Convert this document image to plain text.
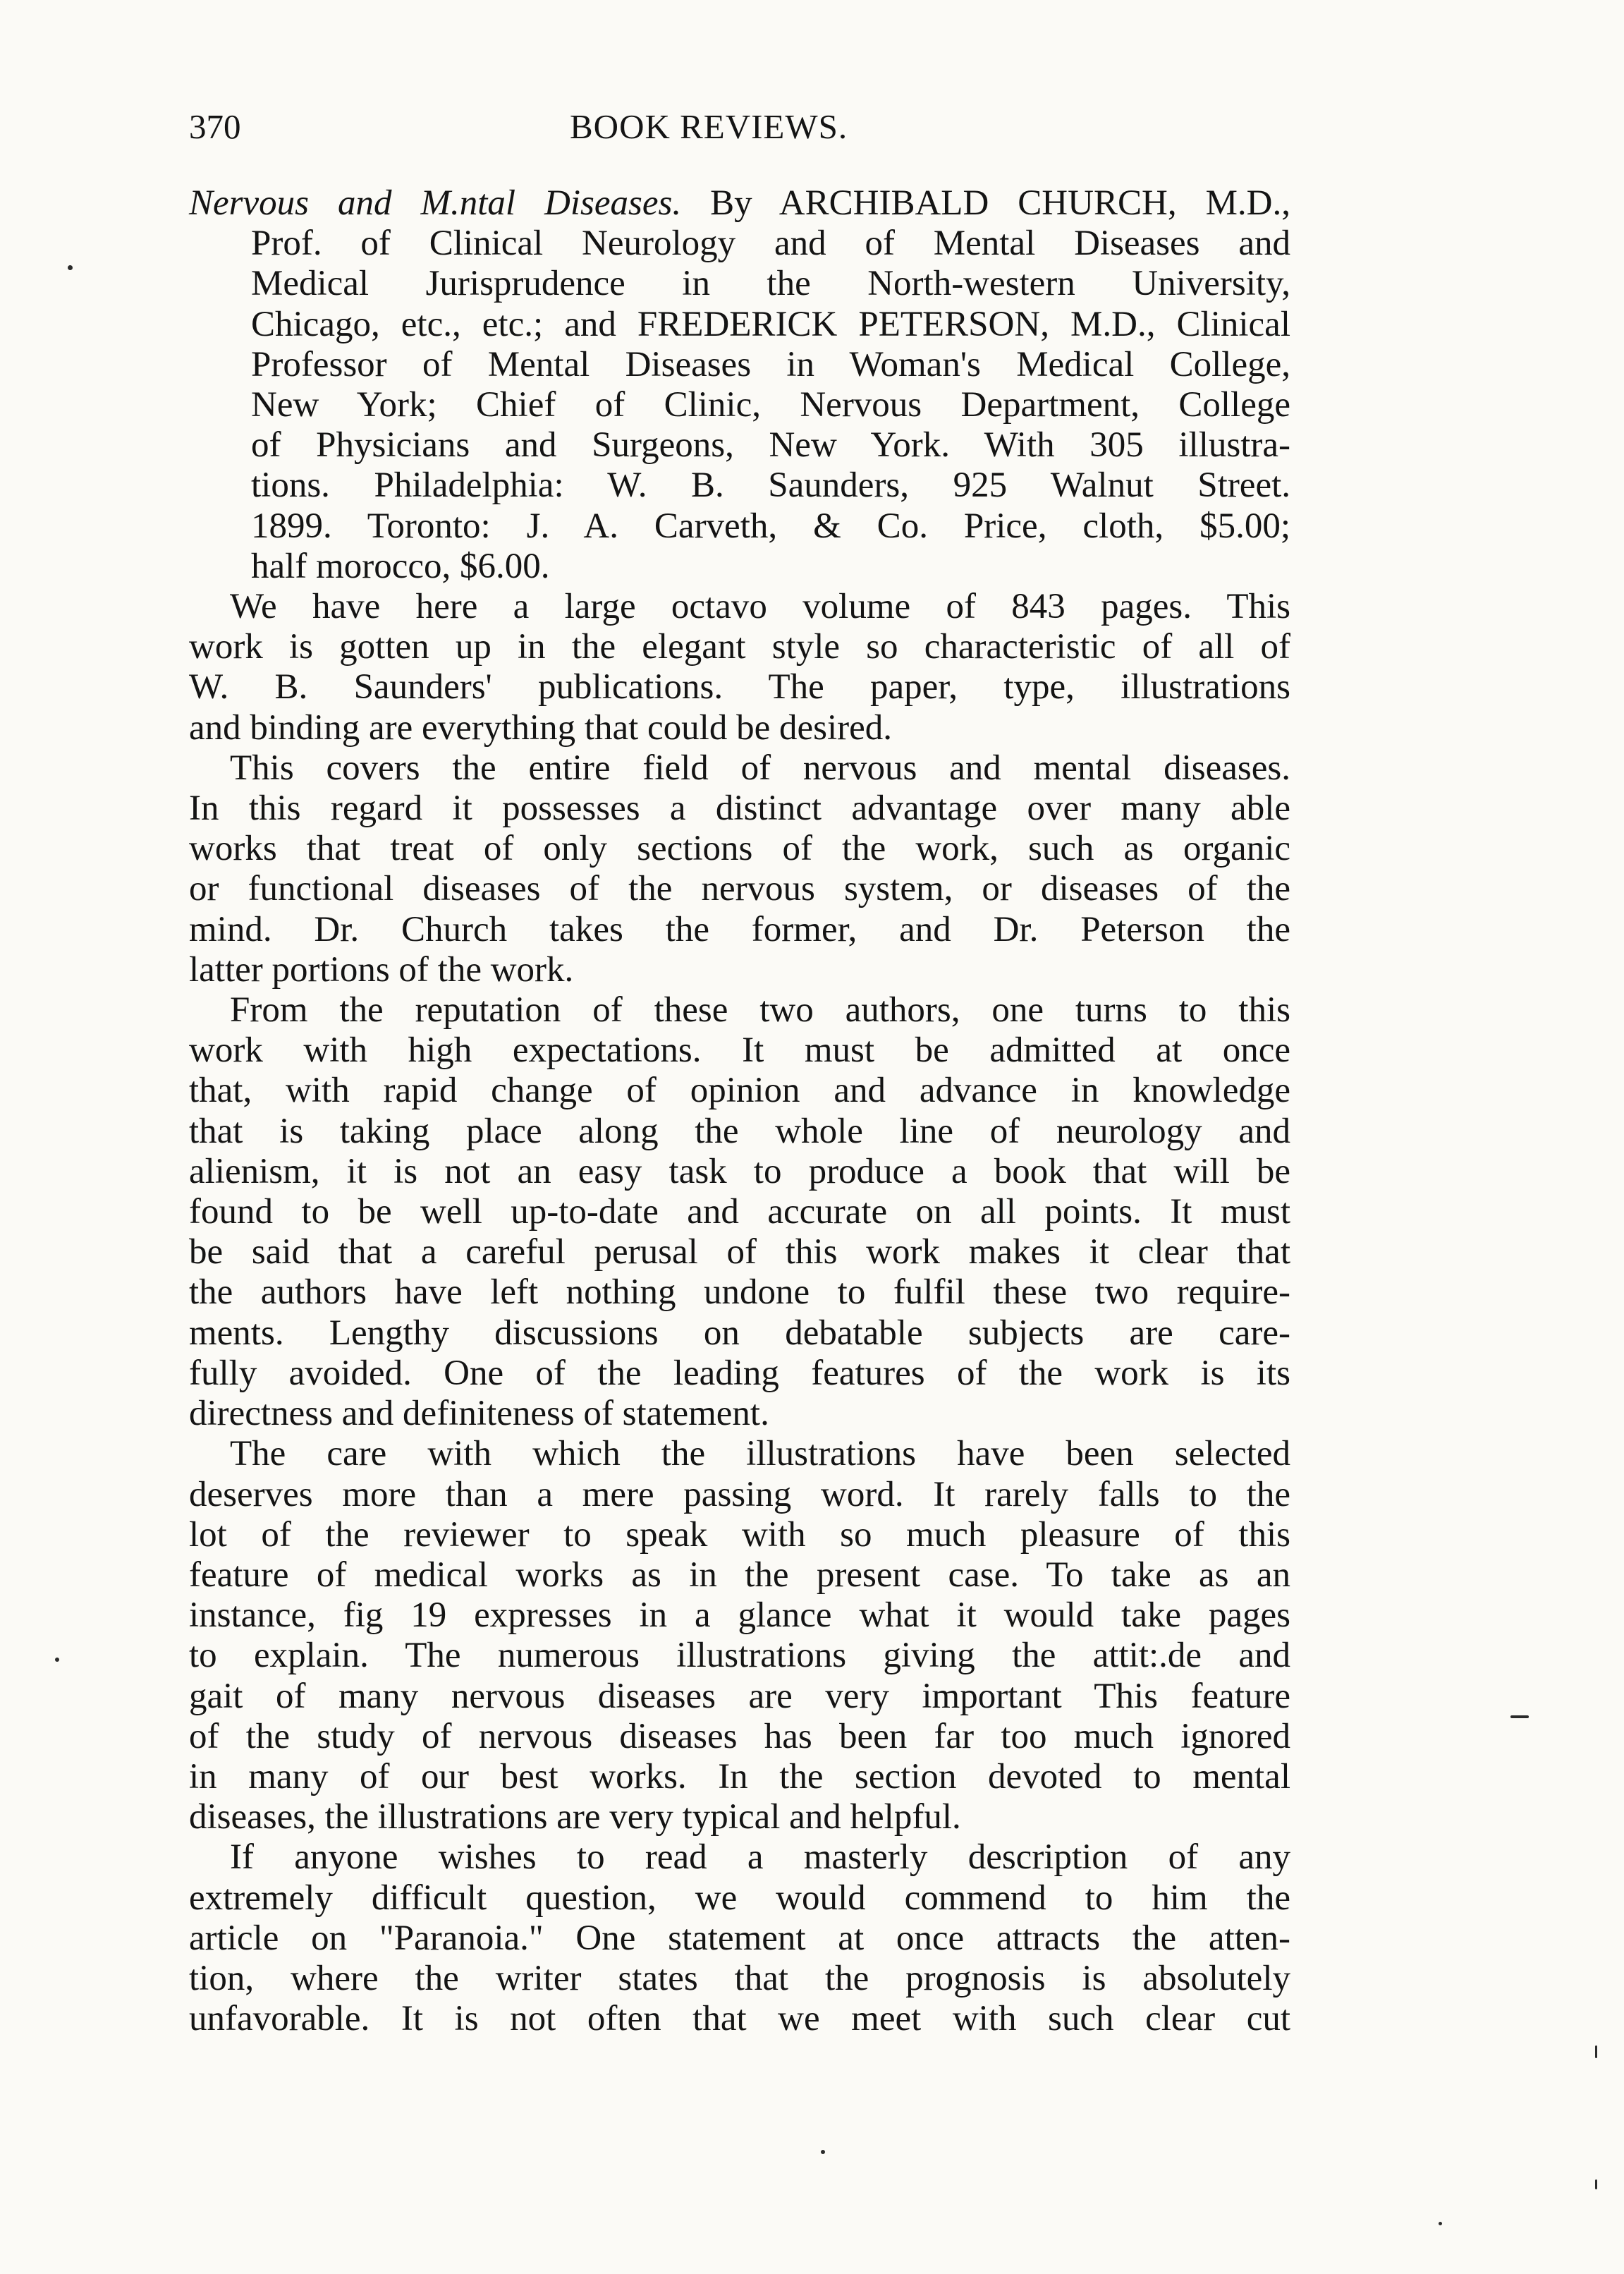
370	BOOK REVIEWS.
Nervous and M.ntal Diseases. By ARCHIBALD CHURCH, M.D.,
Prof. of Clinical Neurology and of Mental Diseases and
Medical Jurisprudence in the North-western University,
Chicago, etc., etc.; and FREDERICK PETERSON, M.D., Clinical
Professor of Mental Diseases in Woman's Medical College,
New York; Chief of Clinic, Nervous Department, College
of Physicians and Surgeons, New York. With 305 illustra-
tions. Philadelphia: W. B. Saunders, 925 Walnut Street.
1899. Toronto: J. A. Carveth, & Co. Price, cloth, $5.00;
half morocco, $6.00.

We have here a large octavo volume of 843 pages. This
work is gotten up in the elegant style so characteristic of all of
W. B. Saunders' publications. The paper, type, illustrations
and binding are everything that could be desired.

This covers the entire field of nervous and mental diseases.
In this regard it possesses a distinct advantage over many able
works that treat of only sections of the work, such as organic
or functional diseases of the nervous system, or diseases of the
mind. Dr. Church takes the former, and Dr. Peterson the
latter portions of the work.

From the reputation of these two authors, one turns to this
work with high expectations. It must be admitted at once
that, with rapid change of opinion and advance in knowledge
that is taking place along the whole line of neurology and
alienism, it is not an easy task to produce a book that will be
found to be well up-to-date and accurate on all points. It must
be said that a careful perusal of this work makes it clear that
the authors have left nothing undone to fulfil these two require-
ments. Lengthy discussions on debatable subjects are care-
fully avoided. One of the leading features of the work is its
directness and definiteness of statement.

The care with which the illustrations have been selected
deserves more than a mere passing word. It rarely falls to the
lot of the reviewer to speak with so much pleasure of this
feature of medical works as in the present case. To take as an
instance, fig 19 expresses in a glance what it would take pages
to explain. The numerous illustrations giving the attit:.de and
gait of many nervous diseases are very important This feature
of the study of nervous diseases has been far too much ignored
in many of our best works. In the section devoted to mental
diseases, the illustrations are very typical and helpful.

If anyone wishes to read a masterly description of any
extremely difficult question, we would commend to him the
article on "Paranoia." One statement at once attracts the atten-
tion, where the writer states that the prognosis is absolutely
unfavorable. It is not often that we meet with such clear cut
